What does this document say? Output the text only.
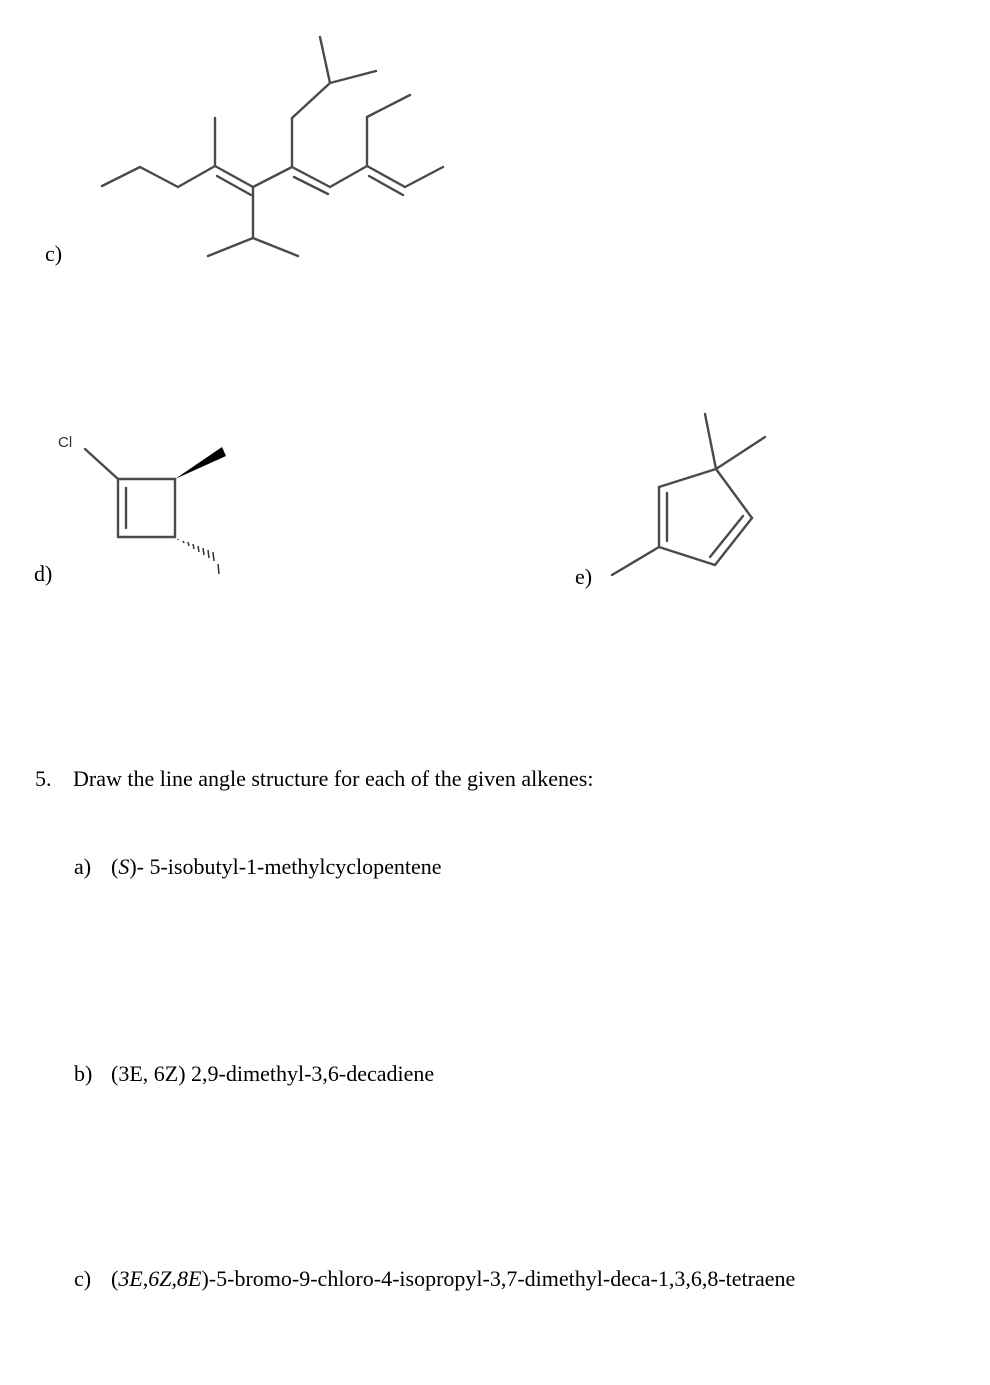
c)
d)
Cl
e)
5. Draw the line angle structure for each of the given alkenes:
a) (S)- 5-isobutyl-1-methylcyclopentene
b) (3E, 6Z) 2,9-dimethyl-3,6-decadiene
c) (3E,6Z,8E)-5-bromo-9-chloro-4-isopropyl-3,7-dimethyl-deca-1,3,6,8-tetraene
